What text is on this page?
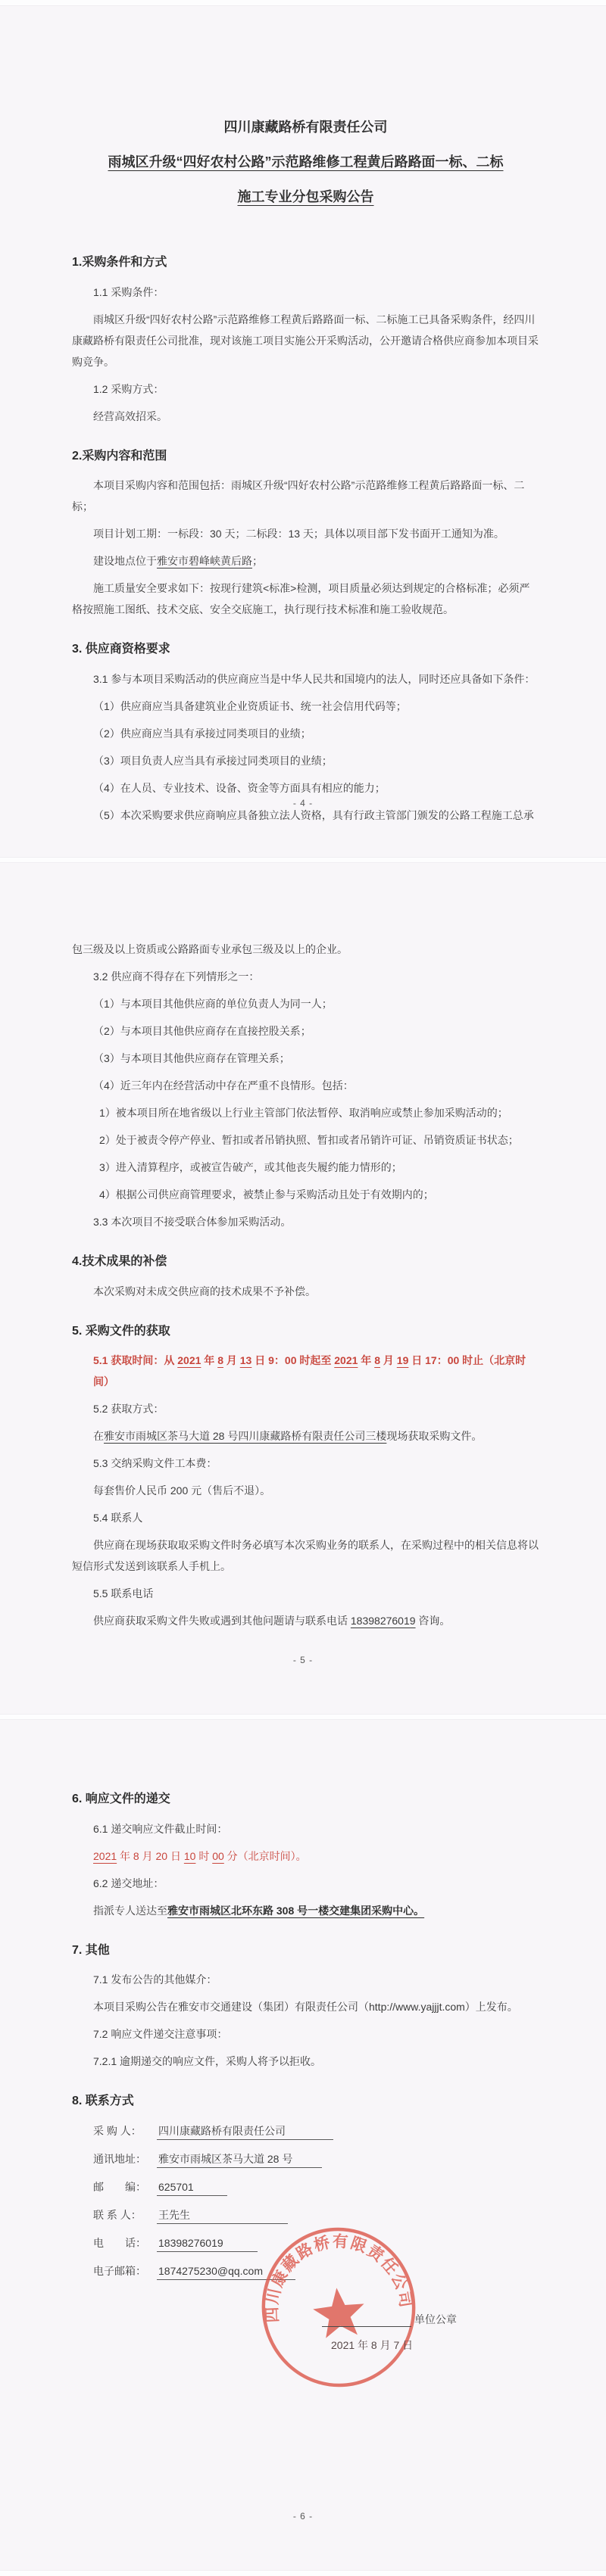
四川康藏路桥有限责任公司

雨城区升级“四好农村公路”示范路维修工程黄后路路面一标、二标

施工专业分包采购公告

1.采购条件和方式

1.1 采购条件：

雨城区升级“四好农村公路”示范路维修工程黄后路路面一标、二标施工已具备采购条件，经四川康藏路桥有限责任公司批准，现对该施工项目实施公开采购活动，公开邀请合格供应商参加本项目采购竞争。

1.2 采购方式：

经营高效招采。

2.采购内容和范围

本项目采购内容和范围包括：雨城区升级“四好农村公路”示范路维修工程黄后路路面一标、二标；

项目计划工期：一标段：30 天；二标段：13 天；具体以项目部下发书面开工通知为准。

建设地点位于雅安市碧峰峡黄后路；

施工质量安全要求如下：按现行建筑<标准>检测，项目质量必须达到规定的合格标准；必须严格按照施工图纸、技术交底、安全交底施工，执行现行技术标准和施工验收规范。

3. 供应商资格要求

3.1 参与本项目采购活动的供应商应当是中华人民共和国境内的法人，同时还应具备如下条件：

（1）供应商应当具备建筑业企业资质证书、统一社会信用代码等；

（2）供应商应当具有承接过同类项目的业绩；

（3）项目负责人应当具有承接过同类项目的业绩；

（4）在人员、专业技术、设备、资金等方面具有相应的能力；

（5）本次采购要求供应商响应具备独立法人资格，具有行政主管部门颁发的公路工程施工总承

- 4 -

包三级及以上资质或公路路面专业承包三级及以上的企业。

3.2 供应商不得存在下列情形之一：

（1）与本项目其他供应商的单位负责人为同一人；

（2）与本项目其他供应商存在直接控股关系；

（3）与本项目其他供应商存在管理关系；

（4）近三年内在经营活动中存在严重不良情形。包括：

1）被本项目所在地省级以上行业主管部门依法暂停、取消响应或禁止参加采购活动的；

2）处于被责令停产停业、暂扣或者吊销执照、暂扣或者吊销许可证、吊销资质证书状态；

3）进入清算程序，或被宣告破产，或其他丧失履约能力情形的；

4）根据公司供应商管理要求，被禁止参与采购活动且处于有效期内的；

3.3 本次项目不接受联合体参加采购活动。

4.技术成果的补偿

本次采购对未成交供应商的技术成果不予补偿。

5. 采购文件的获取

5.1 获取时间：从 2021 年 8 月 13 日 9：00 时起至 2021 年 8 月 19 日 17：00 时止（北京时间）

5.2 获取方式：

在雅安市雨城区茶马大道 28 号四川康藏路桥有限责任公司三楼现场获取采购文件。

5.3 交纳采购文件工本费：

每套售价人民币 200 元（售后不退）。

5.4 联系人

供应商在现场获取取采购文件时务必填写本次采购业务的联系人，在采购过程中的相关信息将以短信形式发送到该联系人手机上。

5.5 联系电话

供应商获取采购文件失败或遇到其他问题请与联系电话 18398276019 咨询。

- 5 -

6. 响应文件的递交

6.1 递交响应文件截止时间：

2021 年 8 月 20 日 10 时 00 分（北京时间）。

6.2 递交地址：

指派专人送达至雅安市雨城区北环东路 308 号一楼交建集团采购中心。

7. 其他

7.1 发布公告的其他媒介：

本项目采购公告在雅安市交通建设（集团）有限责任公司（http://www.yajjjt.com）上发布。

7.2 响应文件递交注意事项：

7.2.1 逾期递交的响应文件，采购人将予以拒收。

8. 联系方式

采 购 人： 四川康藏路桥有限责任公司
通讯地址： 雅安市雨城区茶马大道 28 号
邮　　编： 625701
联 系 人： 王先生
电　　话： 18398276019
电子邮箱： 1874275230@qq.com
四川康藏路桥有限责任公司
单位公章
2021 年 8 月 7 日
- 6 -
